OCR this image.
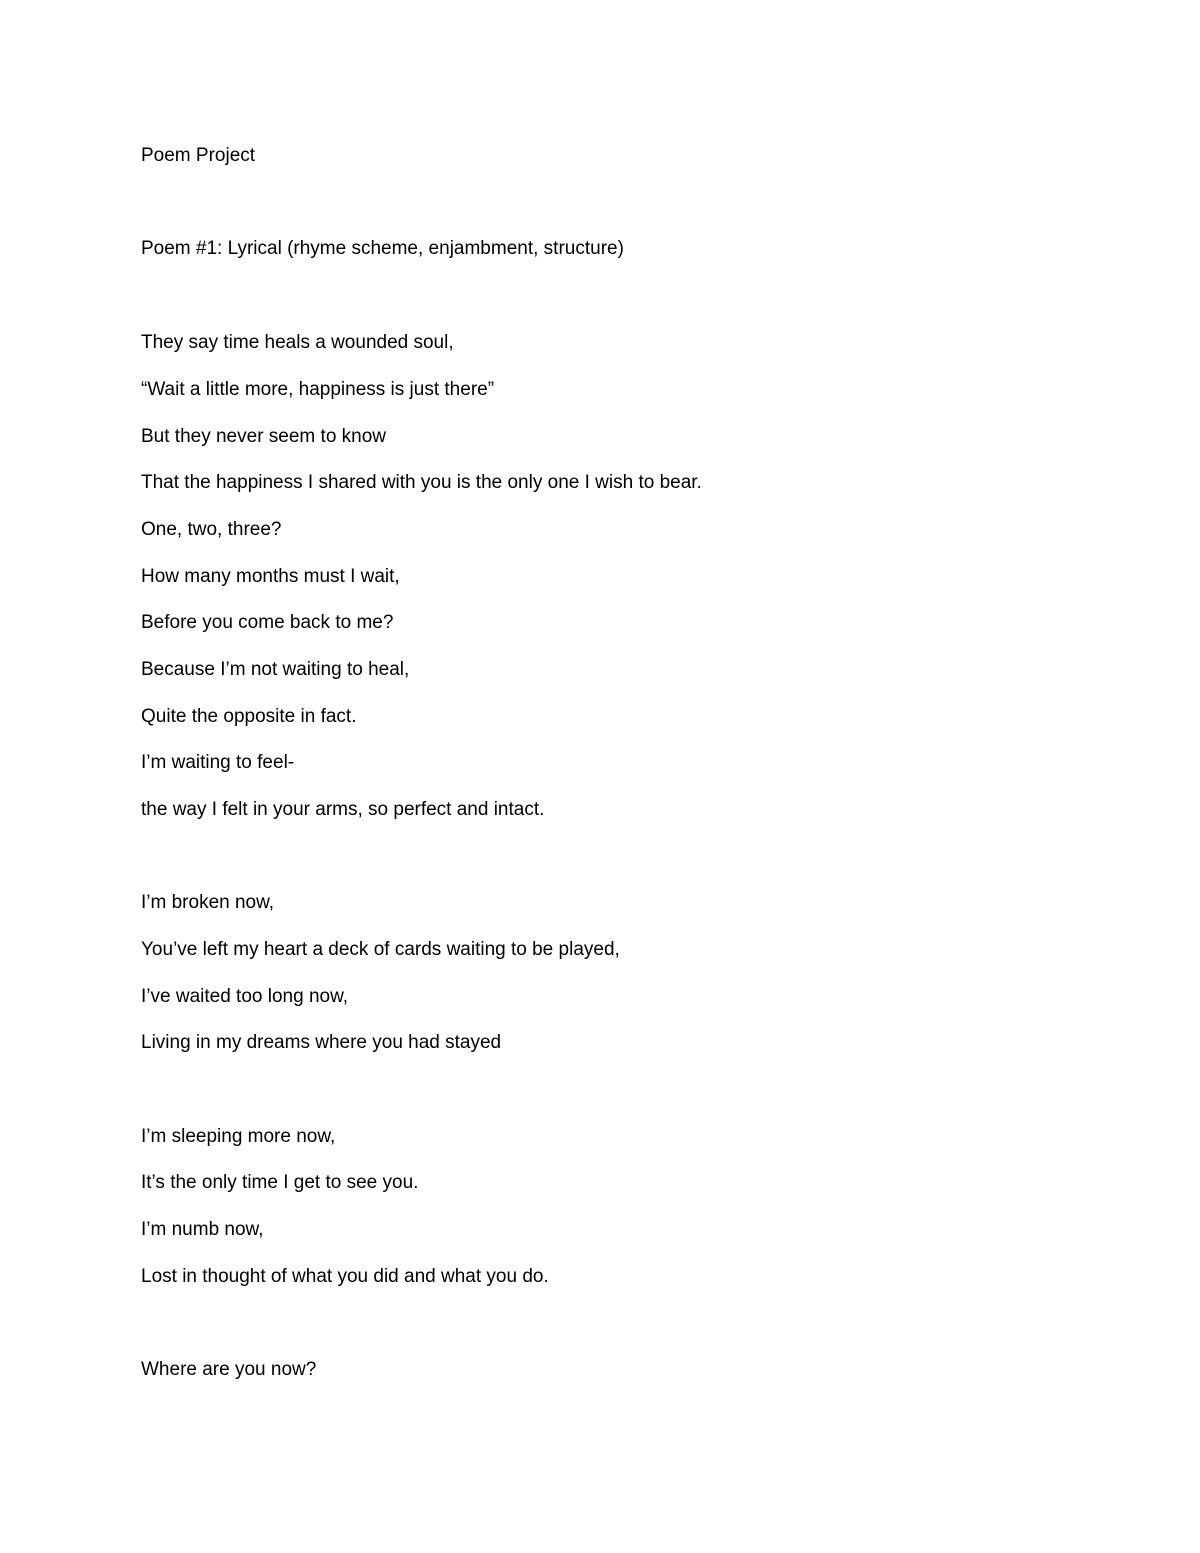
Poem Project
Poem #1: Lyrical (rhyme scheme, enjambment, structure)
They say time heals a wounded soul,
“Wait a little more, happiness is just there”
But they never seem to know
That the happiness I shared with you is the only one I wish to bear.
One, two, three?
How many months must I wait,
Before you come back to me?
Because I’m not waiting to heal,
Quite the opposite in fact.
I’m waiting to feel-
the way I felt in your arms, so perfect and intact.
I’m broken now,
You’ve left my heart a deck of cards waiting to be played,
I’ve waited too long now,
Living in my dreams where you had stayed
I’m sleeping more now,
It’s the only time I get to see you.
I’m numb now,
Lost in thought of what you did and what you do.
Where are you now?
